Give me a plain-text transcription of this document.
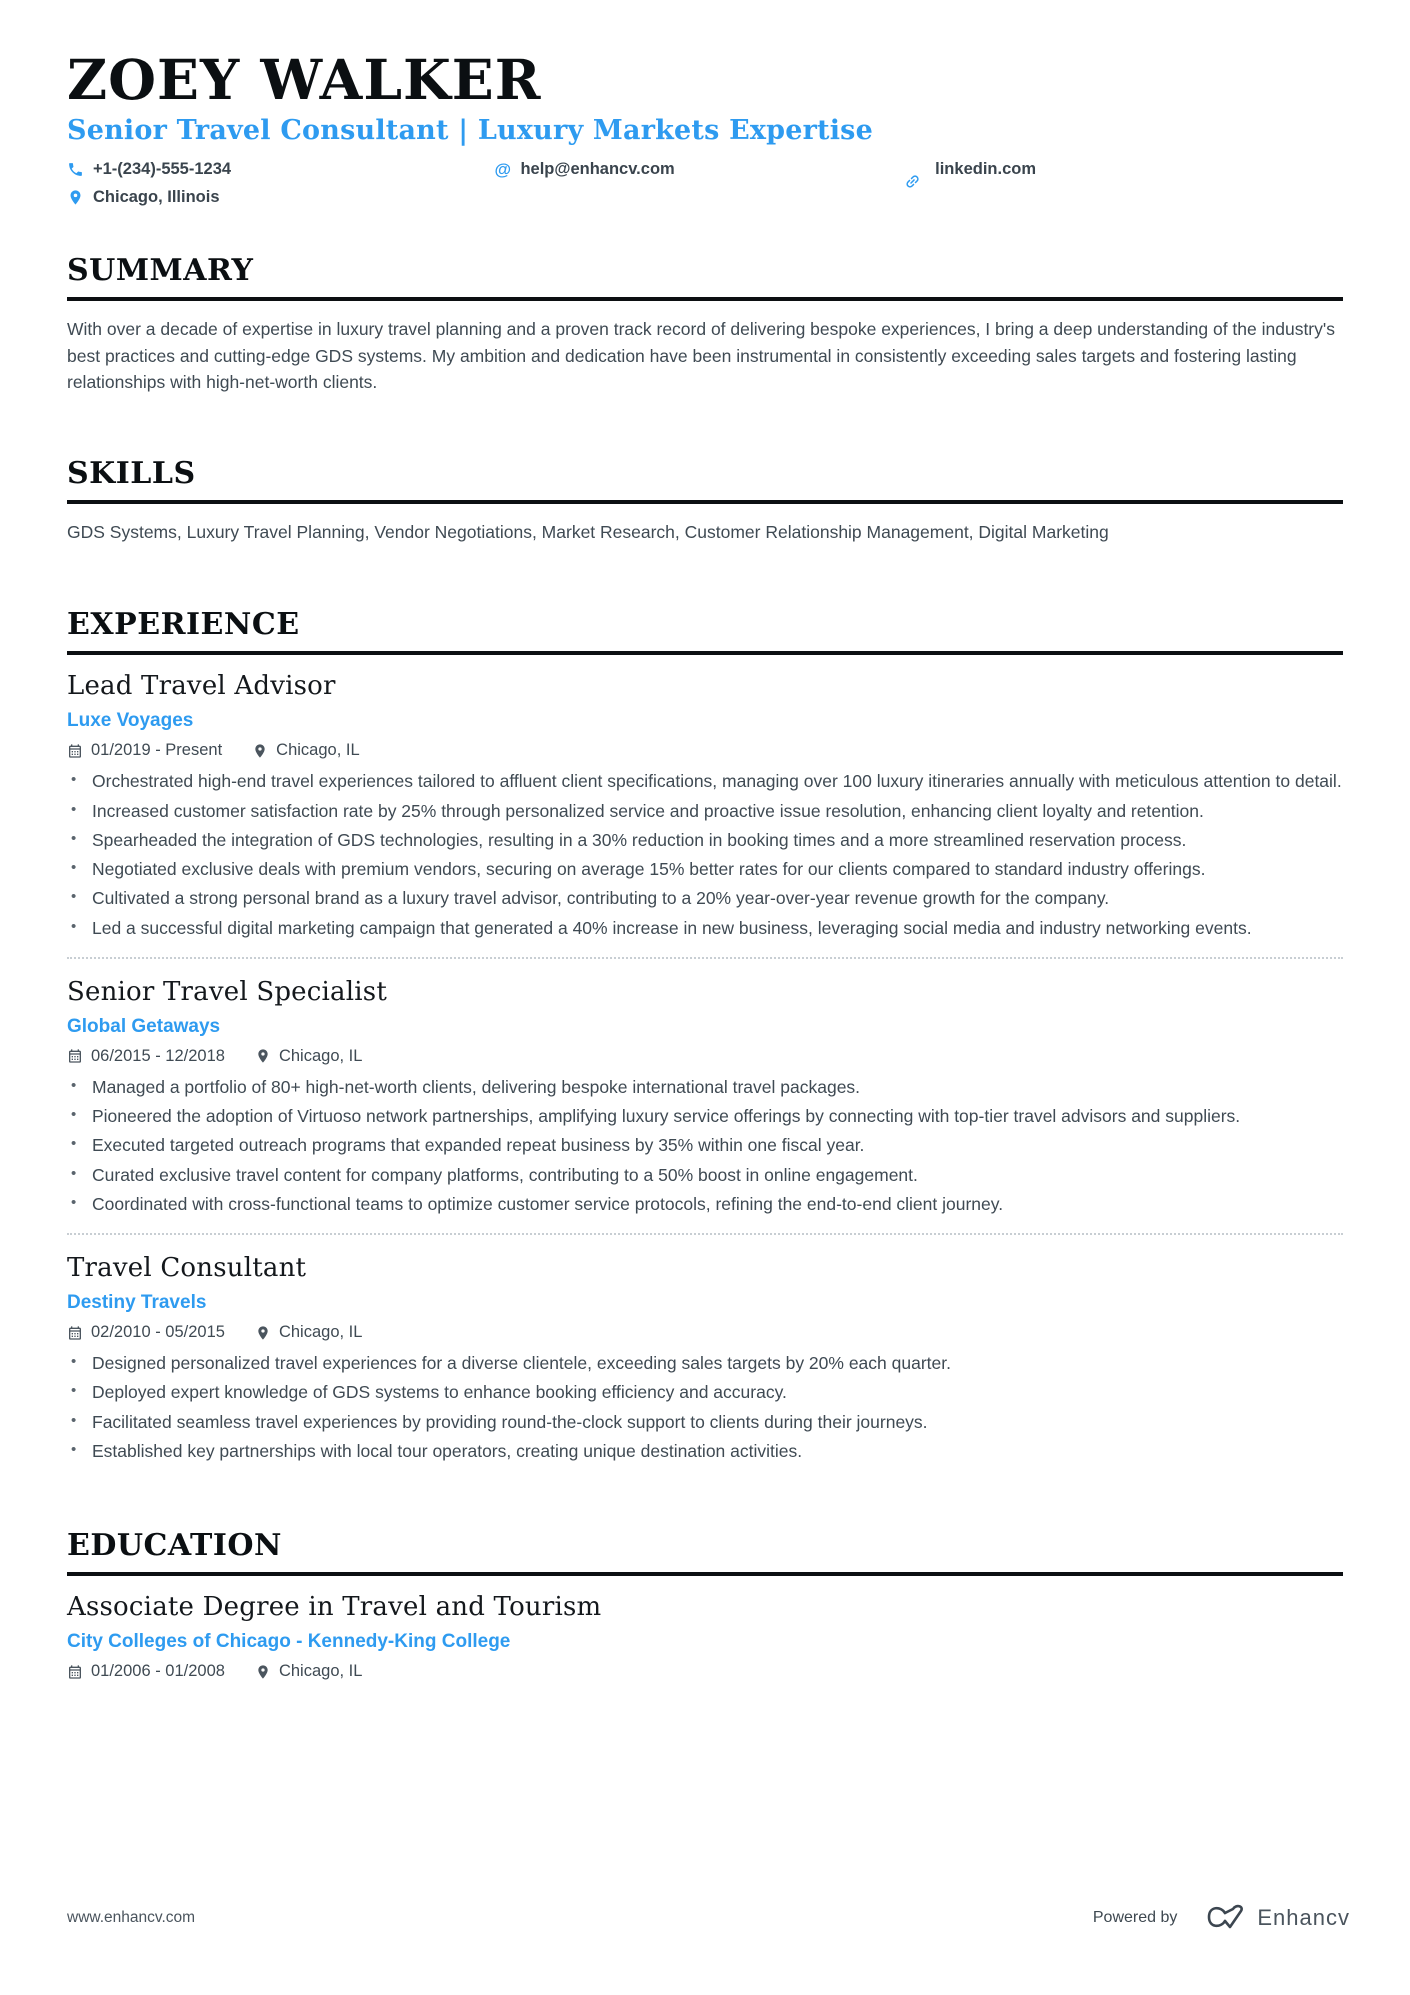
ZOEY WALKER
Senior Travel Consultant | Luxury Markets Expertise
+1-(234)-555-1234	@ help@enhancv.com	linkedin.com
Chicago, Illinois
SUMMARY

With over a decade of expertise in luxury travel planning and a proven track record of delivering bespoke experiences, I bring a deep understanding of the industry's best practices and cutting-edge GDS systems. My ambition and dedication have been instrumental in consistently exceeding sales targets and fostering lasting relationships with high-net-worth clients.

SKILLS

GDS Systems, Luxury Travel Planning, Vendor Negotiations, Market Research, Customer Relationship Management, Digital Marketing

EXPERIENCE
Lead Travel Advisor
Luxe Voyages
01/2019 - Present	Chicago, IL
• Orchestrated high-end travel experiences tailored to affluent client specifications, managing over 100 luxury itineraries annually with meticulous attention to detail.
• Increased customer satisfaction rate by 25% through personalized service and proactive issue resolution, enhancing client loyalty and retention.
• Spearheaded the integration of GDS technologies, resulting in a 30% reduction in booking times and a more streamlined reservation process.
• Negotiated exclusive deals with premium vendors, securing on average 15% better rates for our clients compared to standard industry offerings.
• Cultivated a strong personal brand as a luxury travel advisor, contributing to a 20% year-over-year revenue growth for the company.
• Led a successful digital marketing campaign that generated a 40% increase in new business, leveraging social media and industry networking events.
Senior Travel Specialist
Global Getaways
06/2015 - 12/2018	Chicago, IL
• Managed a portfolio of 80+ high-net-worth clients, delivering bespoke international travel packages.
• Pioneered the adoption of Virtuoso network partnerships, amplifying luxury service offerings by connecting with top-tier travel advisors and suppliers.
• Executed targeted outreach programs that expanded repeat business by 35% within one fiscal year.
• Curated exclusive travel content for company platforms, contributing to a 50% boost in online engagement.
• Coordinated with cross-functional teams to optimize customer service protocols, refining the end-to-end client journey.
Travel Consultant
Destiny Travels
02/2010 - 05/2015	Chicago, IL
• Designed personalized travel experiences for a diverse clientele, exceeding sales targets by 20% each quarter.
• Deployed expert knowledge of GDS systems to enhance booking efficiency and accuracy.
• Facilitated seamless travel experiences by providing round-the-clock support to clients during their journeys.
• Established key partnerships with local tour operators, creating unique destination activities.
EDUCATION
Associate Degree in Travel and Tourism
City Colleges of Chicago - Kennedy-King College
01/2006 - 01/2008	Chicago, IL
www.enhancv.com	Powered by	Enhancv
